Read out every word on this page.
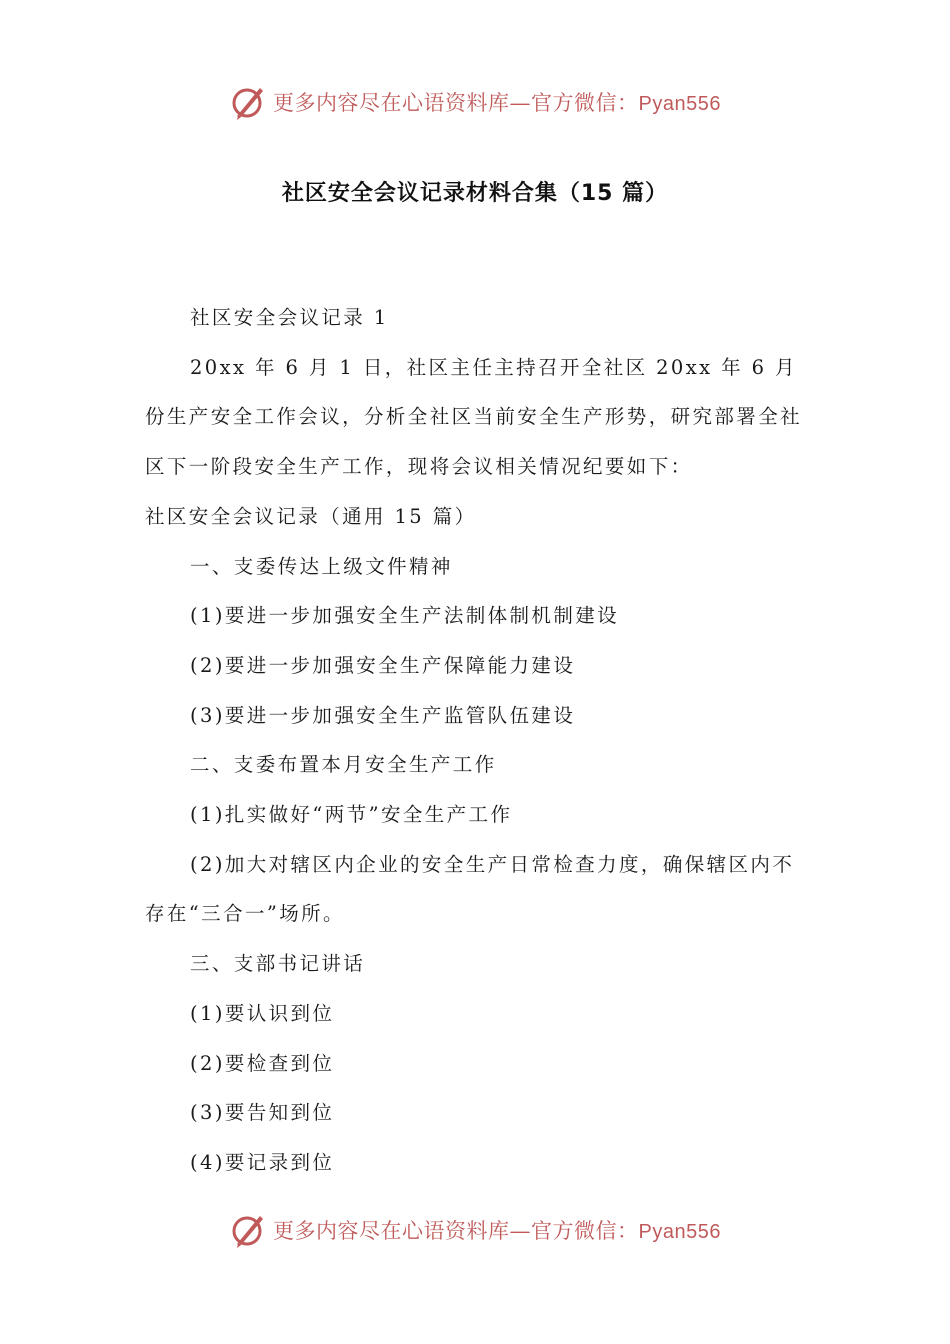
更多内容尽在心语资料库—官方微信：Pyan556
社区安全会议记录材料合集（15 篇）

社区安全会议记录 1

20xx 年 6 月 1 日，社区主任主持召开全社区 20xx 年 6 月份生产安全工作会议，分析全社区当前安全生产形势，研究部署全社区下一阶段安全生产工作，现将会议相关情况纪要如下：

社区安全会议记录（通用 15 篇）

一、支委传达上级文件精神

(1)要进一步加强安全生产法制体制机制建设

(2)要进一步加强安全生产保障能力建设

(3)要进一步加强安全生产监管队伍建设

二、支委布置本月安全生产工作

(1)扎实做好“两节”安全生产工作

(2)加大对辖区内企业的安全生产日常检查力度，确保辖区内不存在“三合一”场所。

三、支部书记讲话

(1)要认识到位

(2)要检查到位

(3)要告知到位

(4)要记录到位

更多内容尽在心语资料库—官方微信：Pyan556
